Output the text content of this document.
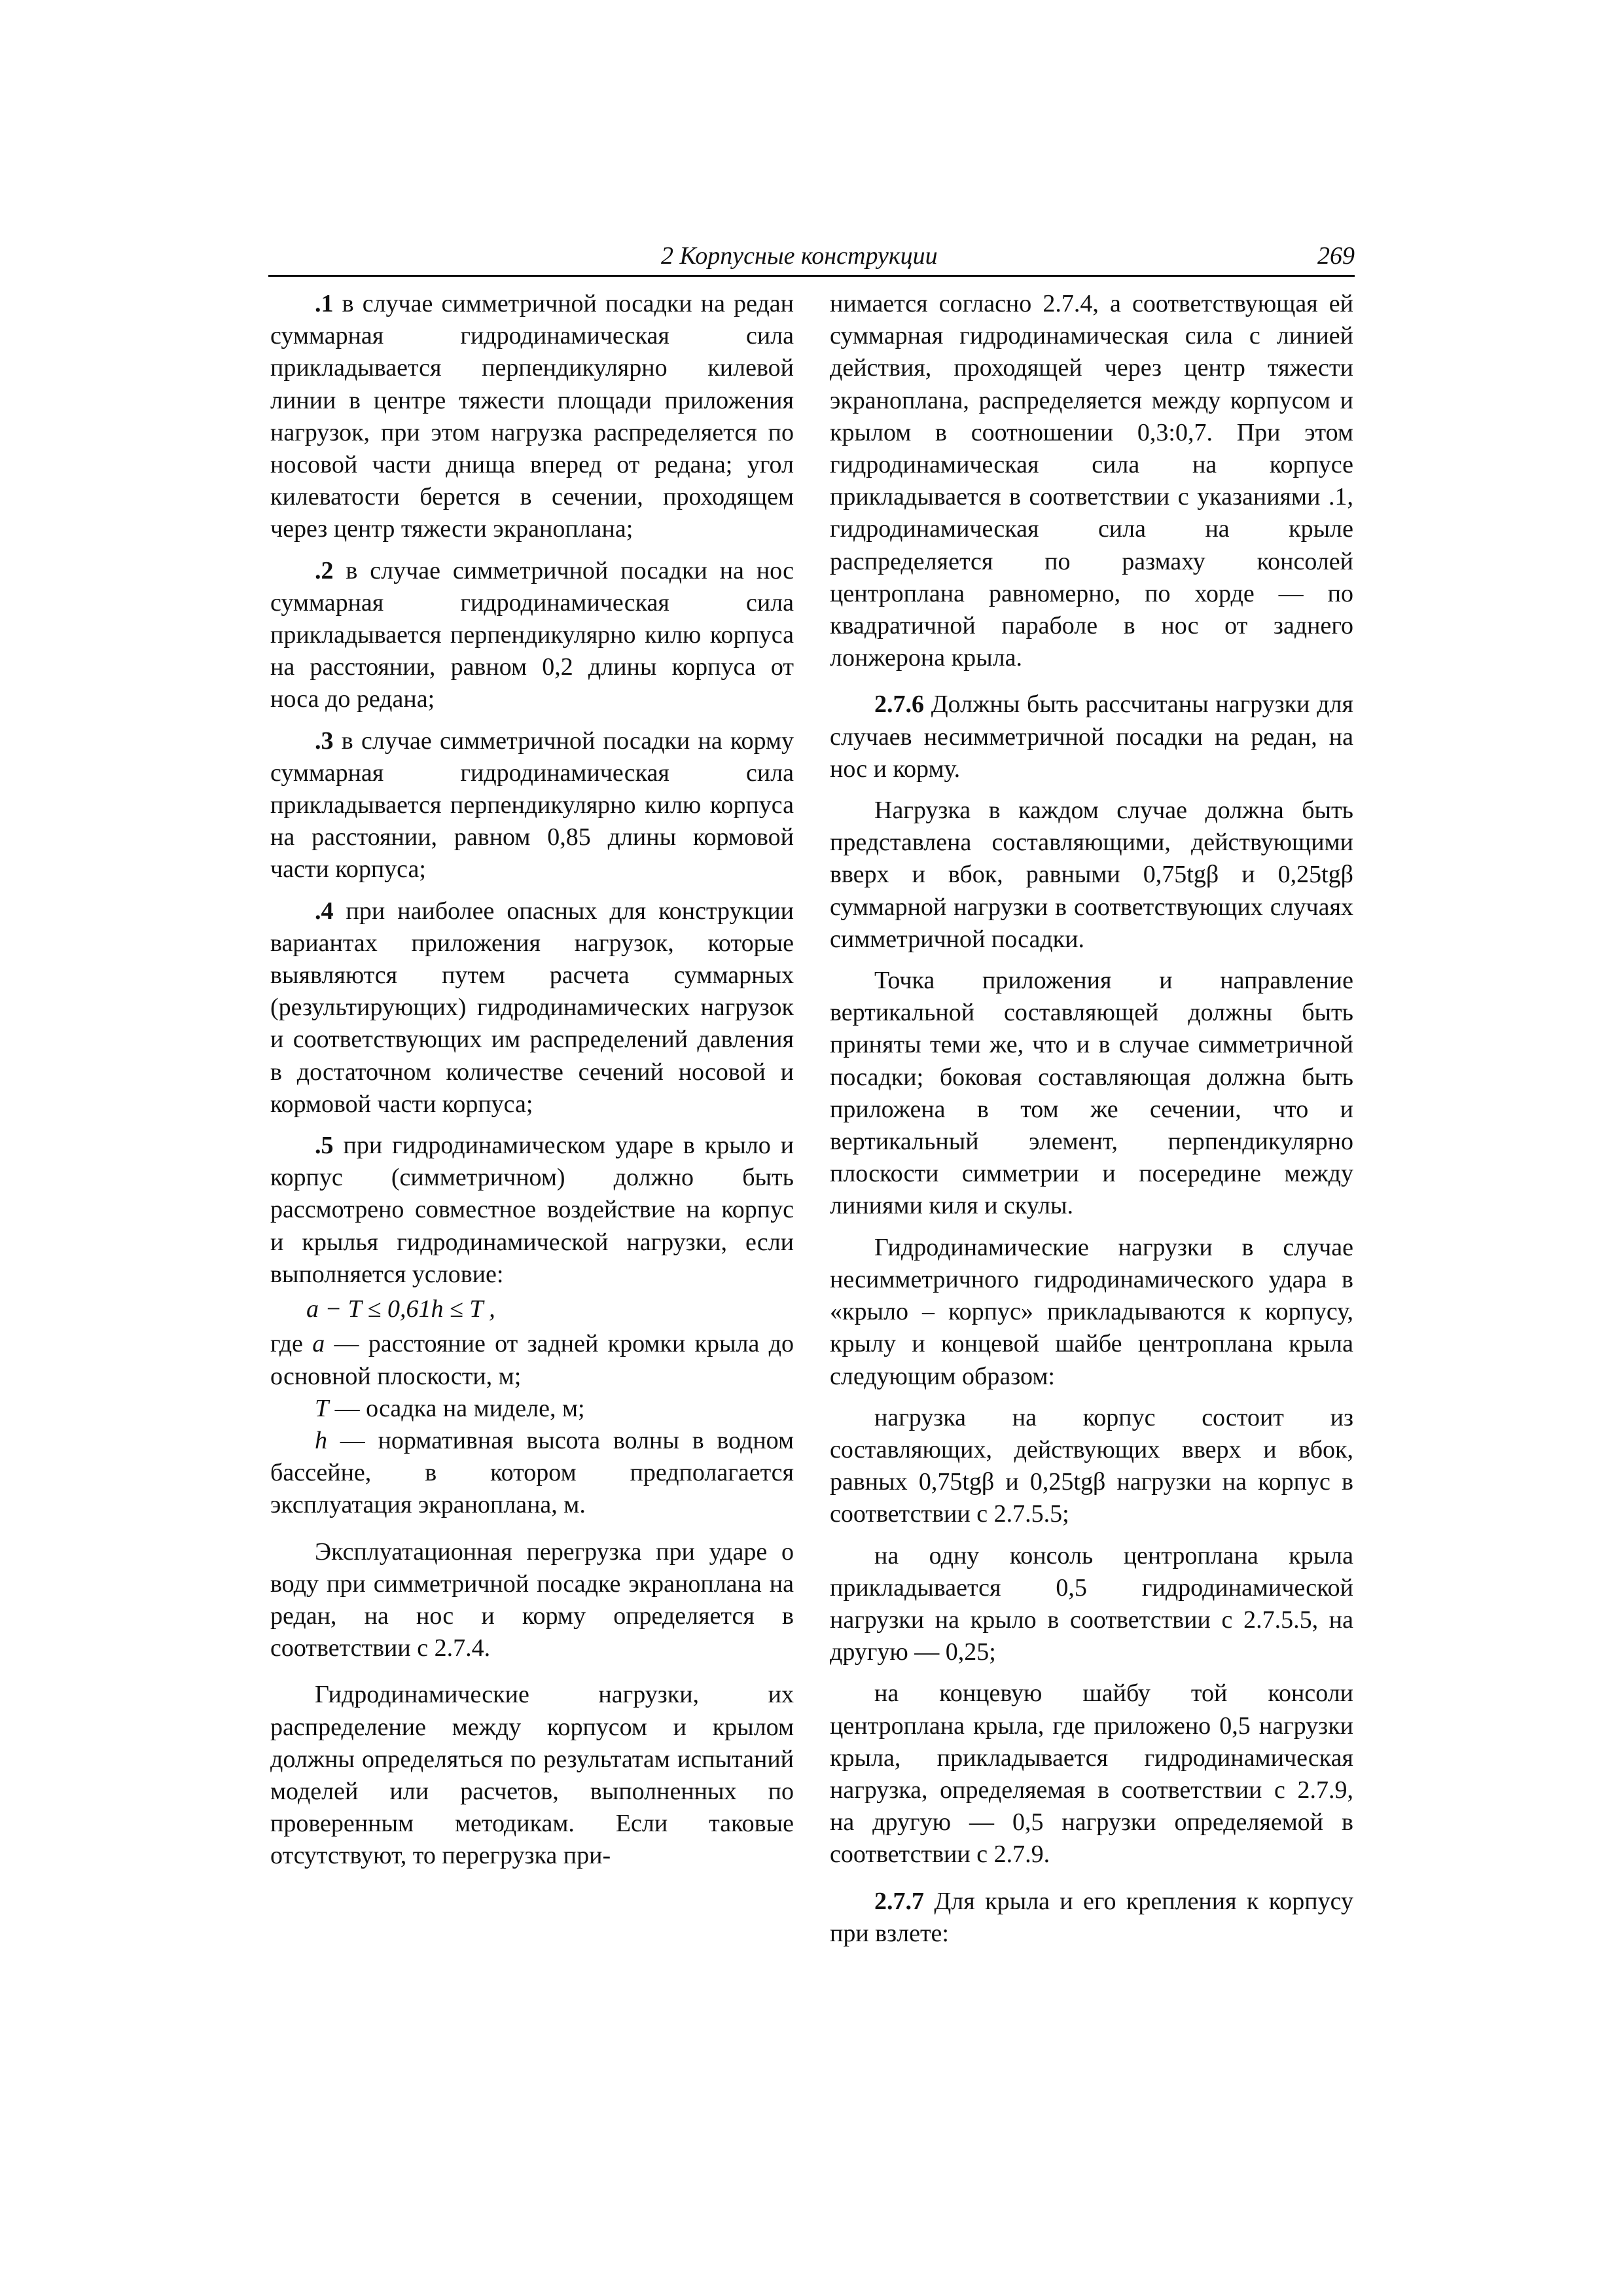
2 Корпусные конструкции	269

.1 в случае симметричной посадки на редан суммарная гидродинамическая сила прикладывается перпендикулярно килевой линии в центре тяжести площади приложения нагрузок, при этом нагрузка распределяется по носовой части днища вперед от редана; угол килеватости берется в сечении, проходящем через центр тяжести экраноплана;

.2 в случае симметричной посадки на нос суммарная гидродинамическая сила прикладывается перпендикулярно килю корпуса на расстоянии, равном 0,2 длины корпуса от носа до редана;

.3 в случае симметричной посадки на корму суммарная гидродинамическая сила прикладывается перпендикулярно килю корпуса на расстоянии, равном 0,85 длины кормовой части корпуса;

.4 при наиболее опасных для конструкции вариантах приложения нагрузок, которые выявляются путем расчета суммарных (результирующих) гидродинамических нагрузок и соответствующих им распределений давления в достаточном количестве сечений носовой и кормовой части корпуса;

.5 при гидродинамическом ударе в крыло и корпус (симметричном) должно быть рассмотрено совместное воздействие на корпус и крылья гидродинамической нагрузки, если выполняется условие:

a − T ≤ 0,61h ≤ T ,

где a — расстояние от задней кромки крыла до основной плоскости, м;

T — осадка на миделе, м;

h — нормативная высота волны в водном бассейне, в котором предполагается эксплуатация экраноплана, м.

Эксплуатационная перегрузка при ударе о воду при симметричной посадке экраноплана на редан, на нос и корму определяется в соответствии с 2.7.4.

Гидродинамические нагрузки, их распределение между корпусом и крылом должны определяться по результатам испытаний моделей или расчетов, выполненных по проверенным методикам. Если таковые отсутствуют, то перегрузка при-

нимается согласно 2.7.4, а соответствующая ей суммарная гидродинамическая сила с линией действия, проходящей через центр тяжести экраноплана, распределяется между корпусом и крылом в соотношении 0,3:0,7. При этом гидродинамическая сила на корпусе прикладывается в соответствии с указаниями .1, гидродинамическая сила на крыле распределяется по размаху консолей центроплана равномерно, по хорде — по квадратичной параболе в нос от заднего лонжерона крыла.

2.7.6 Должны быть рассчитаны нагрузки для случаев несимметричной посадки на редан, на нос и корму.

Нагрузка в каждом случае должна быть представлена составляющими, действующими вверх и вбок, равными 0,75tgβ и 0,25tgβ суммарной нагрузки в соответствующих случаях симметричной посадки.

Точка приложения и направление вертикальной составляющей должны быть приняты теми же, что и в случае симметричной посадки; боковая составляющая должна быть приложена в том же сечении, что и вертикальный элемент, перпендикулярно плоскости симметрии и посередине между линиями киля и скулы.

Гидродинамические нагрузки в случае несимметричного гидродинамического удара в «крыло – корпус» прикладываются к корпусу, крылу и концевой шайбе центроплана крыла следующим образом:

нагрузка на корпус состоит из составляющих, действующих вверх и вбок, равных 0,75tgβ и 0,25tgβ нагрузки на корпус в соответствии с 2.7.5.5;

на одну консоль центроплана крыла прикладывается 0,5 гидродинамической нагрузки на крыло в соответствии с 2.7.5.5, на другую — 0,25;

на концевую шайбу той консоли центроплана крыла, где приложено 0,5 нагрузки крыла, прикладывается гидродинамическая нагрузка, определяемая в соответствии с 2.7.9, на другую — 0,5 нагрузки определяемой в соответствии с 2.7.9.

2.7.7 Для крыла и его крепления к корпусу при взлете:
